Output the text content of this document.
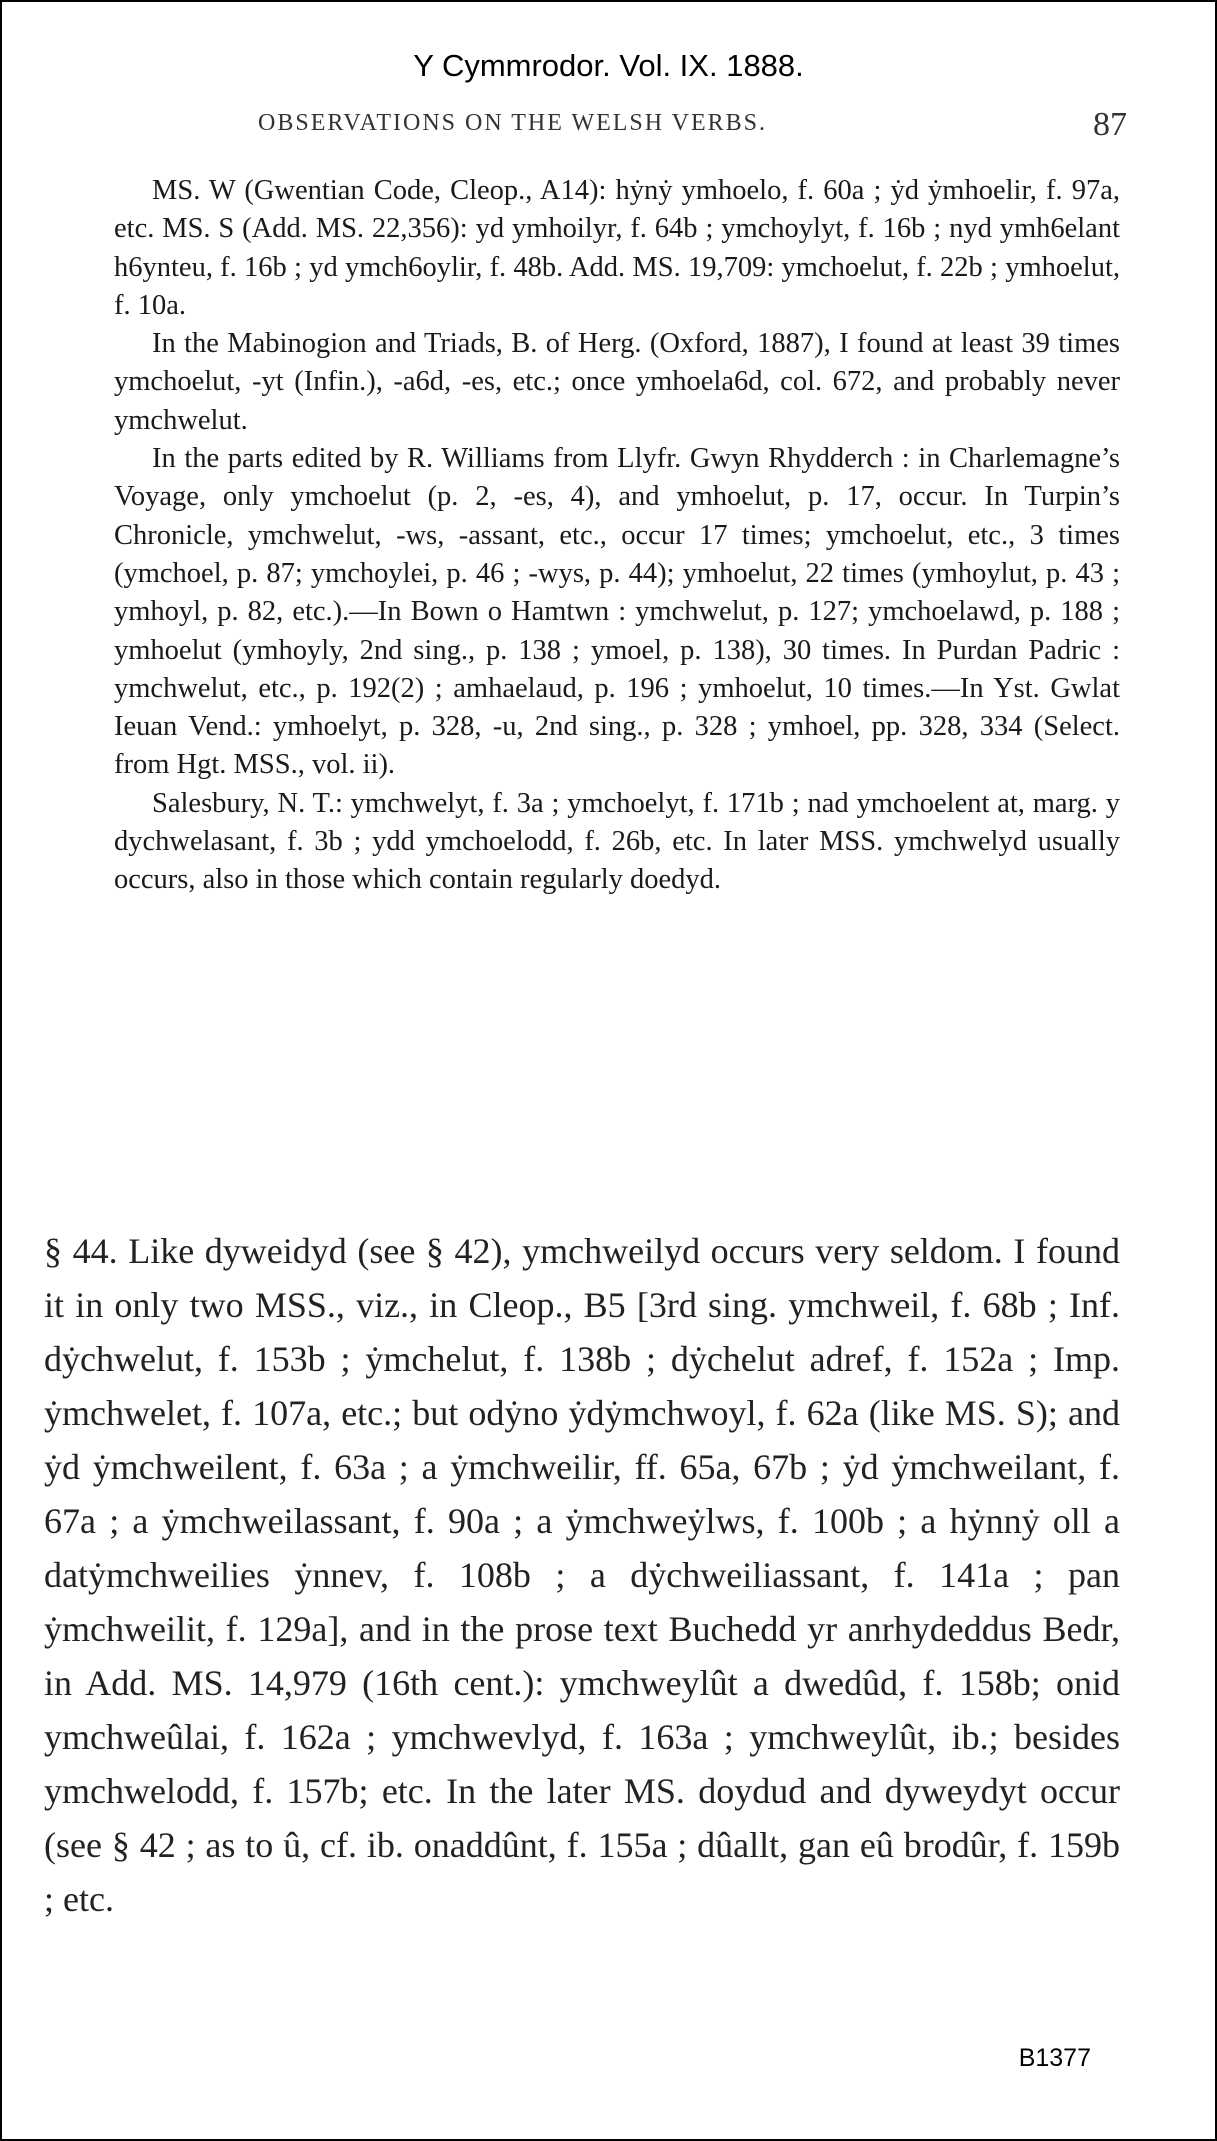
Y Cymmrodor. Vol. IX. 1888.
OBSERVATIONS ON THE WELSH VERBS.	87

MS. W (Gwentian Code, Cleop., A14): hẏnẏ ymhoelo, f. 60a ; ẏd ẏmhoelir, f. 97a, etc. MS. S (Add. MS. 22,356): yd ymhoilyr, f. 64b ; ymchoylyt, f. 16b ; nyd ymh6elant h6ynteu, f. 16b ; yd ymch6oylir, f. 48b. Add. MS. 19,709: ymchoelut, f. 22b ; ymhoelut, f. 10a.

In the Mabinogion and Triads, B. of Herg. (Oxford, 1887), I found at least 39 times ymchoelut, -yt (Infin.), -a6d, -es, etc.; once ymhoela6d, col. 672, and probably never ymchwelut.

In the parts edited by R. Williams from Llyfr. Gwyn Rhydderch : in Charlemagne’s Voyage, only ymchoelut (p. 2, -es, 4), and ymhoelut, p. 17, occur. In Turpin’s Chronicle, ymchwelut, -ws, -assant, etc., occur 17 times; ymchoelut, etc., 3 times (ymchoel, p. 87; ymchoylei, p. 46 ; -wys, p. 44); ymhoelut, 22 times (ymhoylut, p. 43 ; ymhoyl, p. 82, etc.).—In Bown o Hamtwn : ymchwelut, p. 127; ymchoelawd, p. 188 ; ymhoelut (ymhoyly, 2nd sing., p. 138 ; ymoel, p. 138), 30 times. In Purdan Padric : ymchwelut, etc., p. 192(2) ; amhaelaud, p. 196 ; ymhoelut, 10 times.—In Yst. Gwlat Ieuan Vend.: ymhoelyt, p. 328, -u, 2nd sing., p. 328 ; ymhoel, pp. 328, 334 (Select. from Hgt. MSS., vol. ii).

Salesbury, N. T.: ymchwelyt, f. 3a ; ymchoelyt, f. 171b ; nad ymchoelent at, marg. y dychwelasant, f. 3b ; ydd ymchoelodd, f. 26b, etc. In later MSS. ymchwelyd usually occurs, also in those which contain regularly doedyd.

§ 44. Like dyweidyd (see § 42), ymchweilyd occurs very seldom. I found it in only two MSS., viz., in Cleop., B5 [3rd sing. ymchweil, f. 68b ; Inf. dẏchwelut, f. 153b ; ẏmchelut, f. 138b ; dẏchelut adref, f. 152a ; Imp. ẏmchwelet, f. 107a, etc.; but odẏno ẏdẏmchwoyl, f. 62a (like MS. S); and ẏd ẏmchweilent, f. 63a ; a ẏmchweilir, ff. 65a, 67b ; ẏd ẏmchweilant, f. 67a ; a ẏmchweilassant, f. 90a ; a ẏmchweẏlws, f. 100b ; a hẏnnẏ oll a datẏmchweilies ẏnnev, f. 108b ; a dẏchweiliassant, f. 141a ; pan ẏmchweilit, f. 129a], and in the prose text Buchedd yr anrhydeddus Bedr, in Add. MS. 14,979 (16th cent.): ymchweylût a dwedûd, f. 158b; onid ymchweûlai, f. 162a ; ymchwevlyd, f. 163a ; ymchweylût, ib.; besides ymchwelodd, f. 157b; etc. In the later MS. doydud and dyweydyt occur (see § 42 ; as to û, cf. ib. onaddûnt, f. 155a ; dûallt, gan eû brodûr, f. 159b ; etc.

B1377
